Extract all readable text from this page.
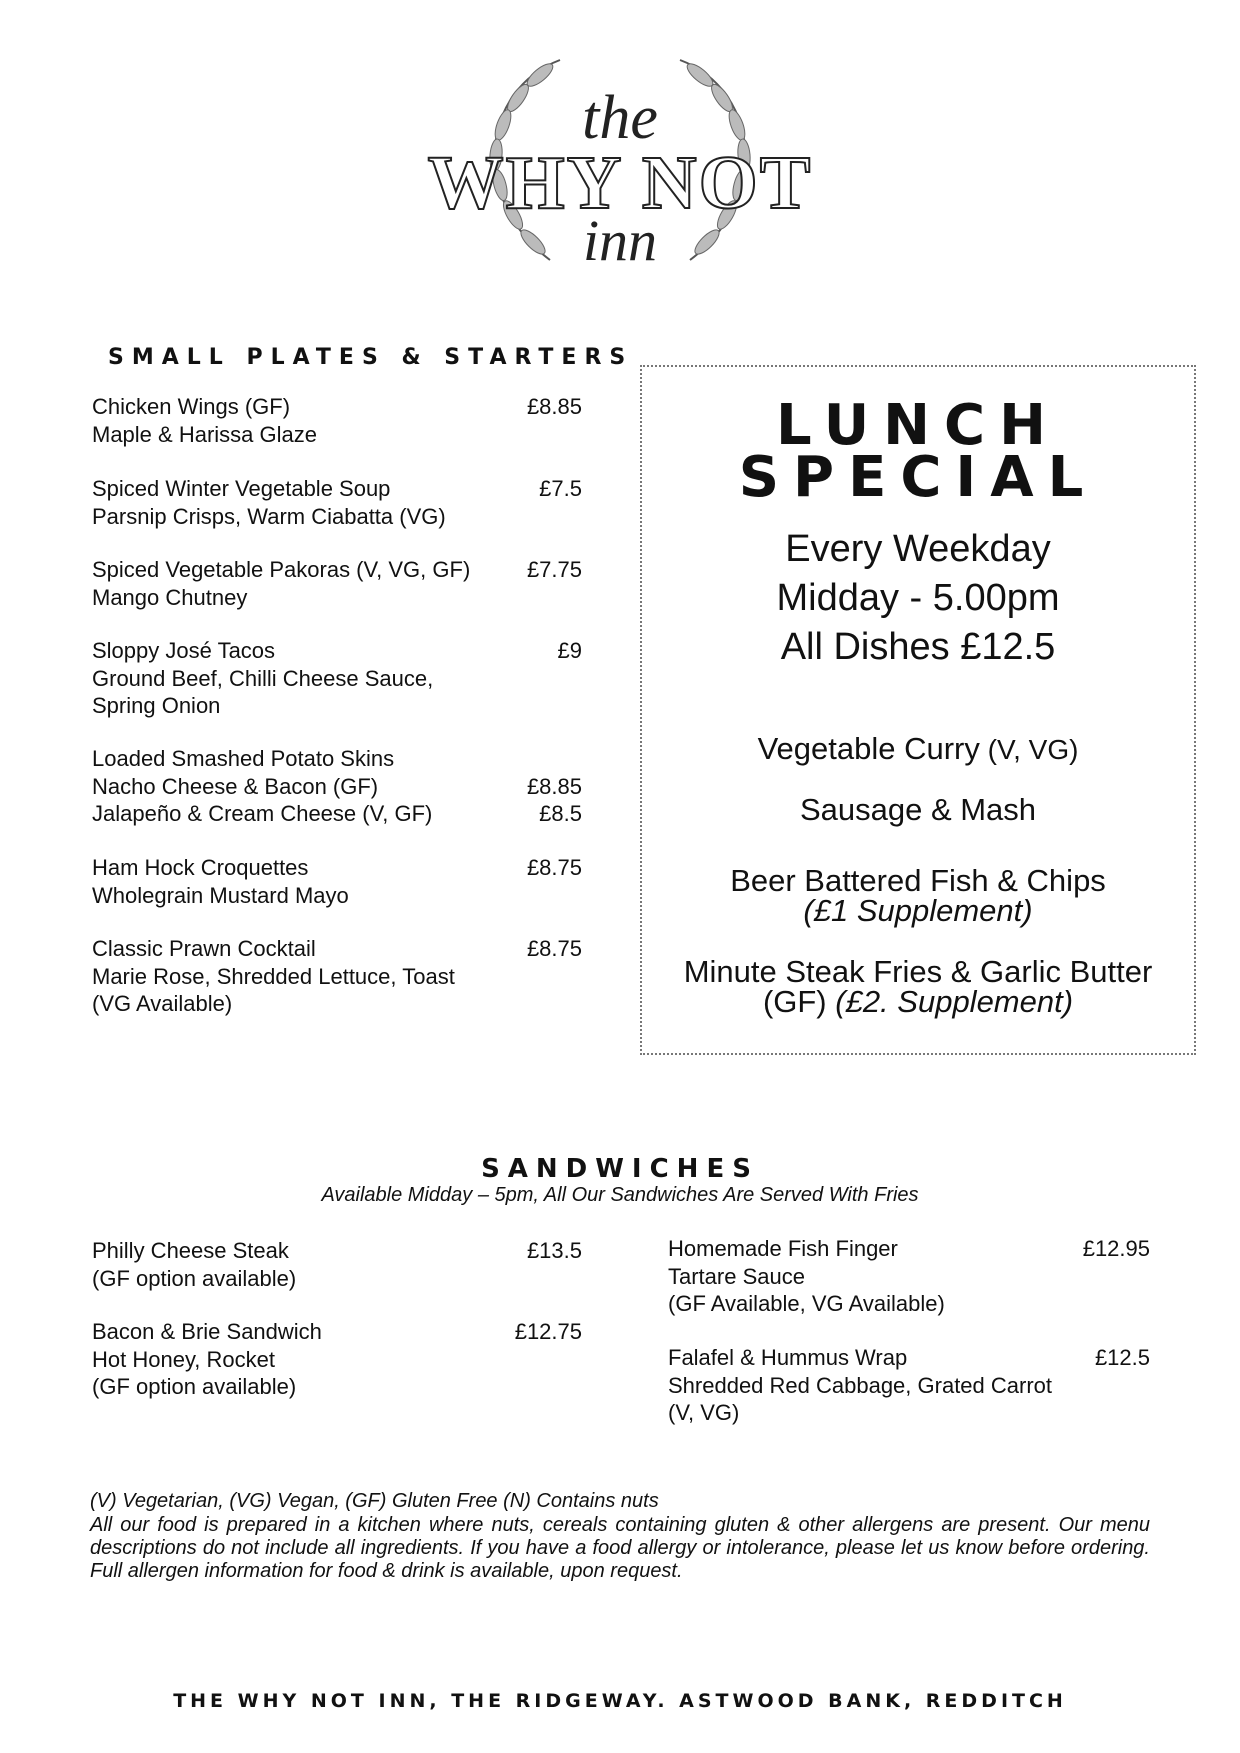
the
WHY NOT
inn
SMALL PLATES & STARTERS
Chicken Wings (GF)	£8.85
Maple & Harissa Glaze
Spiced Winter Vegetable Soup	£7.5
Parsnip Crisps, Warm Ciabatta (VG)
Spiced Vegetable Pakoras (V, VG, GF)	£7.75
Mango Chutney
Sloppy José Tacos	£9
Ground Beef, Chilli Cheese Sauce,
Spring Onion
Loaded Smashed Potato Skins
Nacho Cheese & Bacon (GF)	£8.85
Jalapeño & Cream Cheese (V, GF)	£8.5
Ham Hock Croquettes	£8.75
Wholegrain Mustard Mayo
Classic Prawn Cocktail	£8.75
Marie Rose, Shredded Lettuce, Toast
(VG Available)
LUNCH
SPECIAL
Every Weekday
Midday - 5.00pm
All Dishes £12.5
Vegetable Curry (V, VG)
Sausage & Mash
Beer Battered Fish & Chips
(£1 Supplement)
Minute Steak Fries & Garlic Butter
(GF) (£2. Supplement)
SANDWICHES
Available Midday – 5pm, All Our Sandwiches Are Served With Fries
Philly Cheese Steak	£13.5
(GF option available)
Bacon & Brie Sandwich	£12.75
Hot Honey, Rocket
(GF option available)
Homemade Fish Finger	£12.95
Tartare Sauce
(GF Available, VG Available)
Falafel & Hummus Wrap	£12.5
Shredded Red Cabbage, Grated Carrot
(V, VG)
(V) Vegetarian, (VG) Vegan, (GF) Gluten Free (N) Contains nuts
All our food is prepared in a kitchen where nuts, cereals containing gluten & other allergens are present. Our menu descriptions do not include all ingredients. If you have a food allergy or intolerance, please let us know before ordering. Full allergen information for food & drink is available, upon request.
THE WHY NOT INN, THE RIDGEWAY. ASTWOOD BANK, REDDITCH
